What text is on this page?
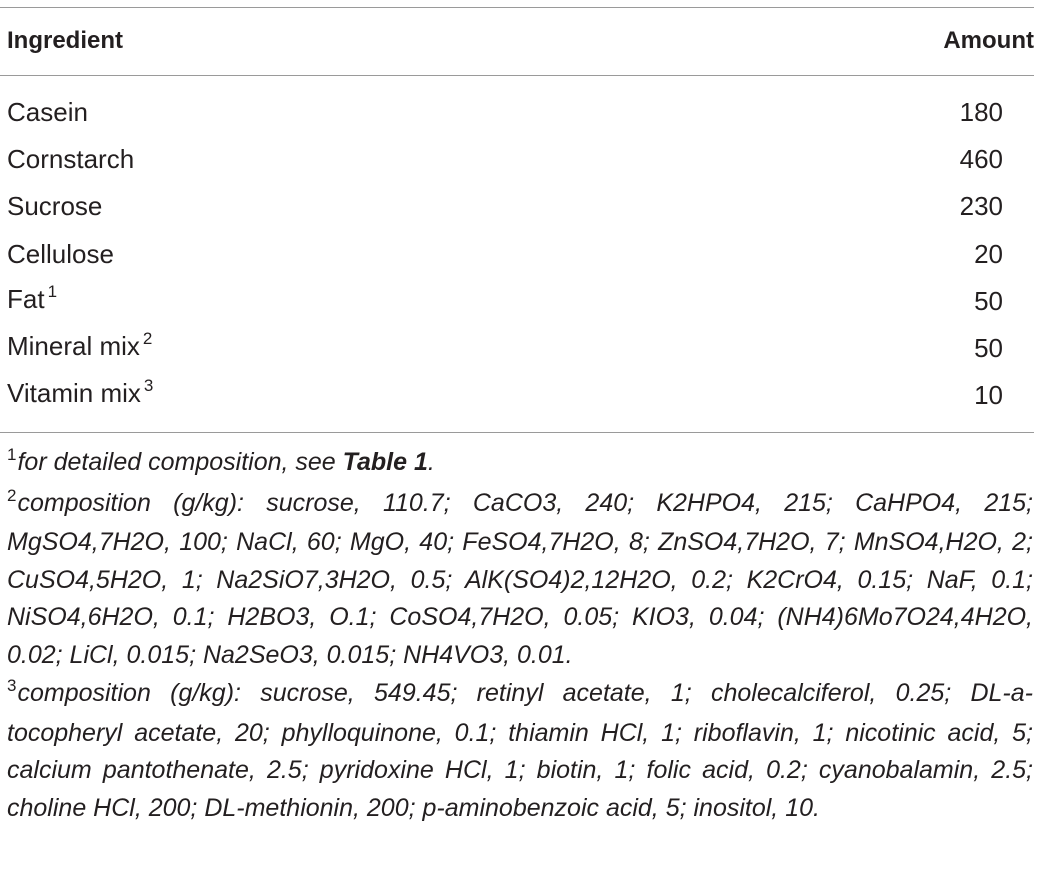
Ingredient	Amount
Casein	180
Cornstarch	460
Sucrose	230
Cellulose	20
Fat $^1$	50
Mineral mix $^2$	50
Vitamin mix $^3$	10

$^1$for detailed composition, see Table 1.

$^2$composition (g/kg): sucrose, 110.7; CaCO3, 240; K2HPO4, 215; CaHPO4, 215; MgSO4,7H2O, 100; NaCl, 60; MgO, 40; FeSO4,7H2O, 8; ZnSO4,7H2O, 7; MnSO4,H2O, 2; CuSO4,5H2O, 1; Na2SiO7,3H2O, 0.5; AlK(SO4)2,12H2O, 0.2; K2CrO4, 0.15; NaF, 0.1; NiSO4,6H2O, 0.1; H2BO3, O.1; CoSO4,7H2O, 0.05; KIO3, 0.04; (NH4)6Mo7O24,4H2O, 0.02; LiCl, 0.015; Na2SeO3, 0.015; NH4VO3, 0.01.

$^3$composition (g/kg): sucrose, 549.45; retinyl acetate, 1; cholecalciferol, 0.25; DL-a-tocopheryl acetate, 20; phylloquinone, 0.1; thiamin HCl, 1; riboflavin, 1; nicotinic acid, 5; calcium pantothenate, 2.5; pyridoxine HCl, 1; biotin, 1; folic acid, 0.2; cyanobalamin, 2.5; choline HCl, 200; DL-methionin, 200; p-aminobenzoic acid, 5; inositol, 10.
